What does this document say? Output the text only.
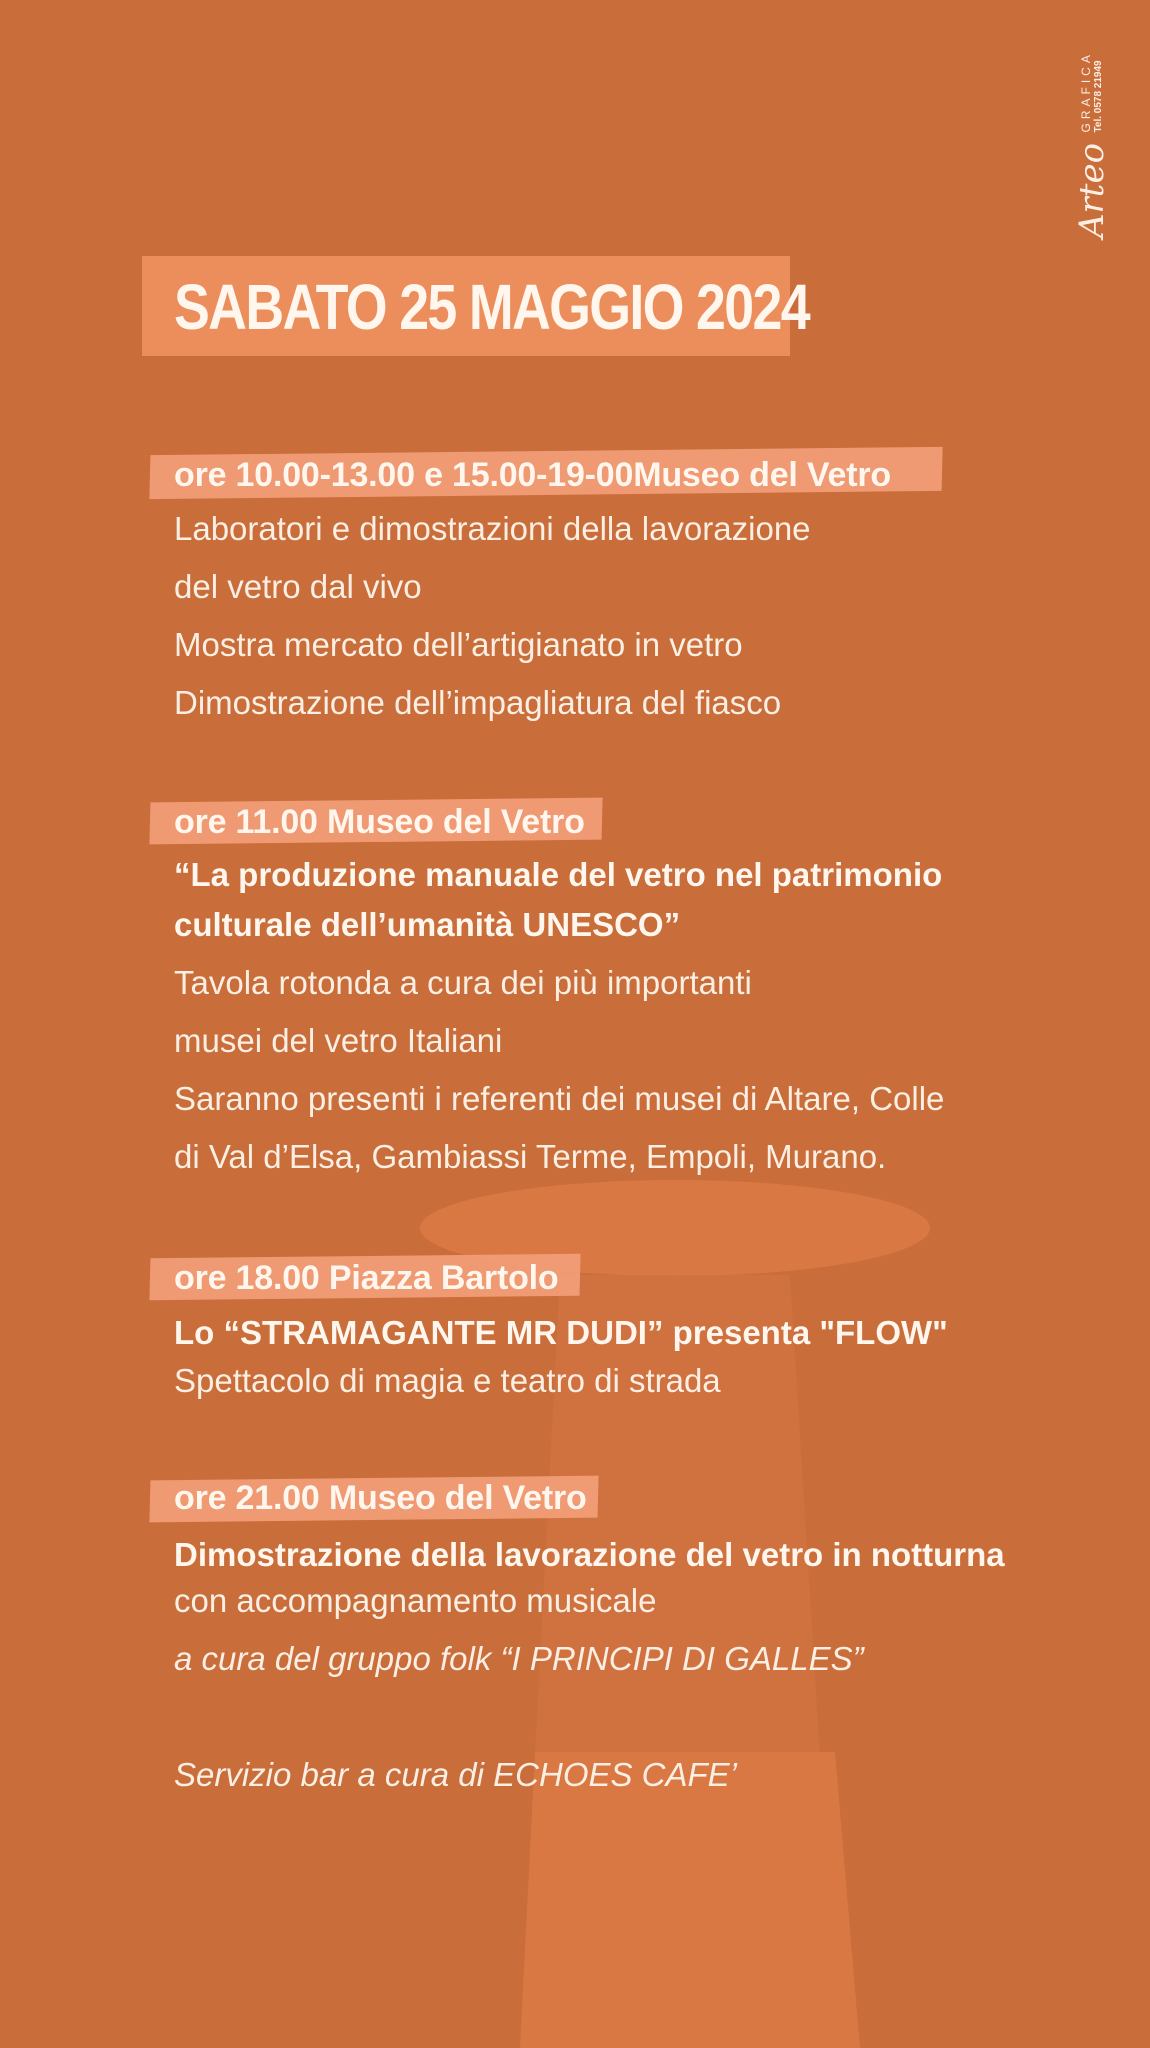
Arteo
GRAFICA Tel. 0578 21949
SABATO 25 MAGGIO 2024
ore 10.00-13.00 e 15.00-19-00Museo del Vetro
Laboratori e dimostrazioni della lavorazione
del vetro dal vivo
Mostra mercato dell’artigianato in vetro
Dimostrazione dell’impagliatura del fiasco
ore 11.00 Museo del Vetro
“La produzione manuale del vetro nel patrimonio
culturale dell’umanità UNESCO”
Tavola rotonda a cura dei più importanti
musei del vetro Italiani
Saranno presenti i referenti dei musei di Altare, Colle
di Val d’Elsa, Gambiassi Terme, Empoli, Murano.
ore 18.00 Piazza Bartolo
Lo “STRAMAGANTE MR DUDI” presenta "FLOW"
Spettacolo di magia e teatro di strada
ore 21.00 Museo del Vetro
Dimostrazione della lavorazione del vetro in notturna
con accompagnamento musicale
a cura del gruppo folk “I PRINCIPI DI GALLES”
Servizio bar a cura di ECHOES CAFE’
